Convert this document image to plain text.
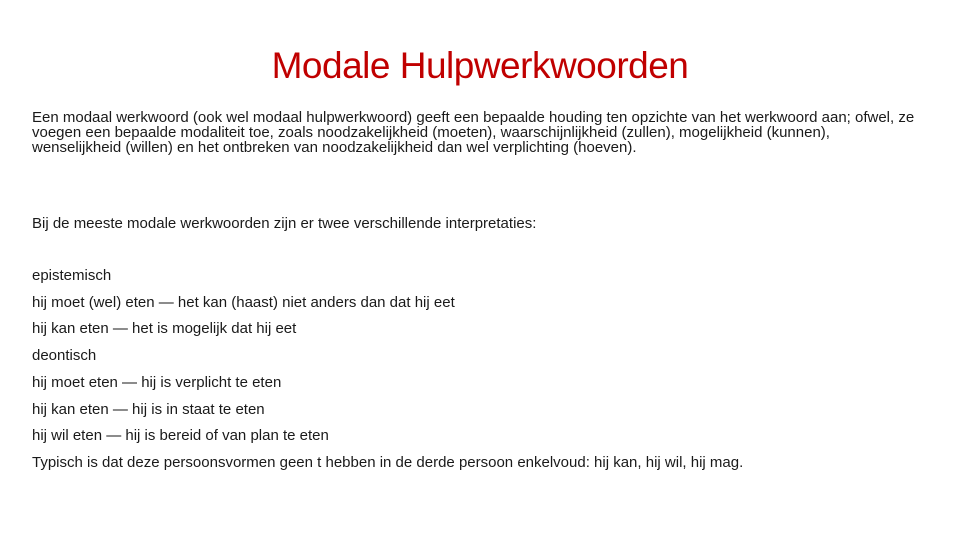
Modale Hulpwerkwoorden

Een modaal werkwoord (ook wel modaal hulpwerkwoord) geeft een bepaalde houding ten opzichte van het werkwoord aan; ofwel, ze voegen een bepaalde modaliteit toe, zoals noodzakelijkheid (moeten), waarschijnlijkheid (zullen), mogelijkheid (kunnen), wenselijkheid (willen) en het ontbreken van noodzakelijkheid dan wel verplichting (hoeven).

Bij de meeste modale werkwoorden zijn er twee verschillende interpretaties:

epistemisch
hij moet (wel) eten — het kan (haast) niet anders dan dat hij eet
hij kan eten — het is mogelijk dat hij eet
deontisch
hij moet eten — hij is verplicht te eten
hij kan eten — hij is in staat te eten
hij wil eten — hij is bereid of van plan te eten
Typisch is dat deze persoonsvormen geen t hebben in de derde persoon enkelvoud: hij kan, hij wil, hij mag.
